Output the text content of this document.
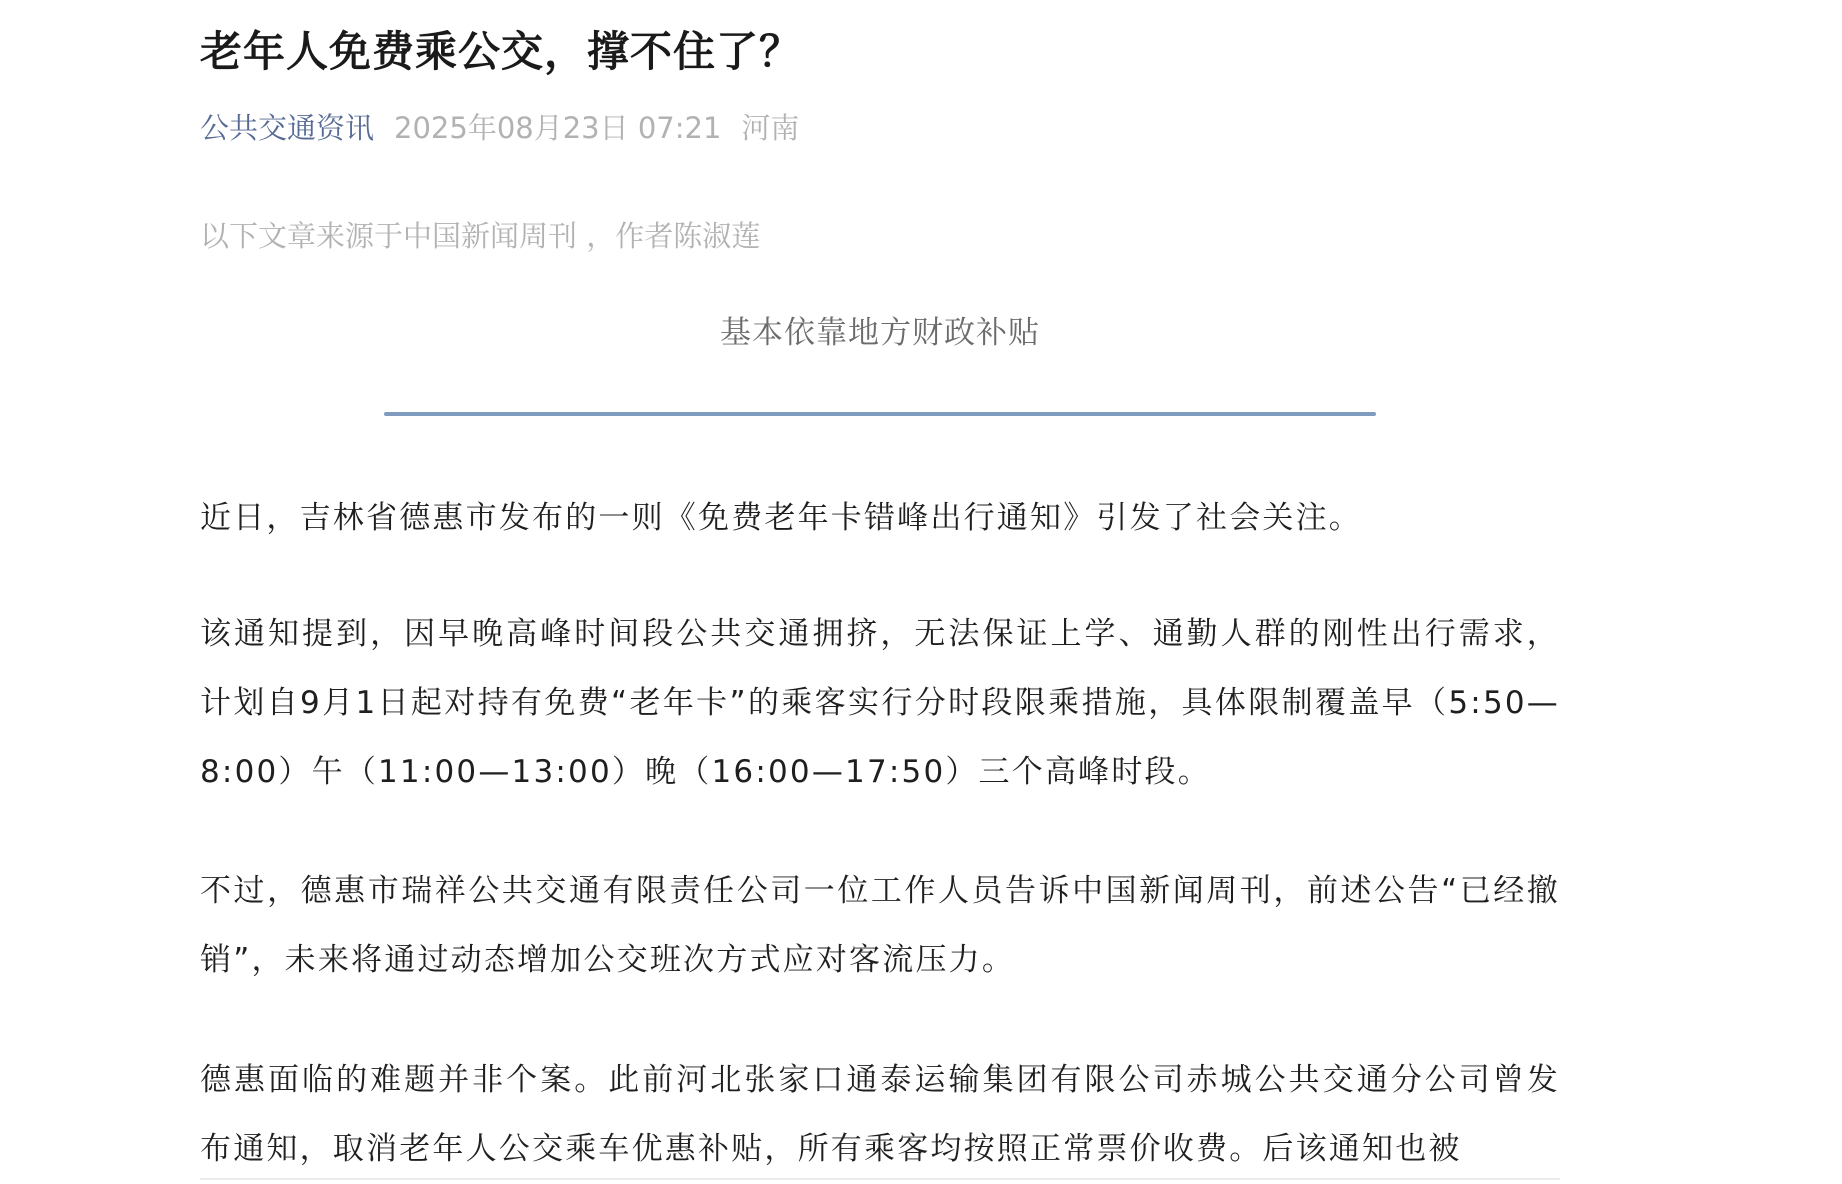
老年人免费乘公交，撑不住了？
公共交通资讯 2025年08月23日 07:21 河南
以下文章来源于中国新闻周刊 ，作者陈淑莲
基本依靠地方财政补贴

近日，吉林省德惠市发布的一则《免费老年卡错峰出行通知》引发了社会关注。

该通知提到，因早晚高峰时间段公共交通拥挤，无法保证上学、通勤人群的刚性出行需求，计划自9月1日起对持有免费“老年卡”的乘客实行分时段限乘措施，具体限制覆盖早（5:50—8:00）午（11:00—13:00）晚（16:00—17:50）三个高峰时段。

不过，德惠市瑞祥公共交通有限责任公司一位工作人员告诉中国新闻周刊，前述公告“已经撤销”，未来将通过动态增加公交班次方式应对客流压力。

德惠面临的难题并非个案。此前河北张家口通泰运输集团有限公司赤城公共交通分公司曾发布通知，取消老年人公交乘车优惠补贴，所有乘客均按照正常票价收费。后该通知也被
